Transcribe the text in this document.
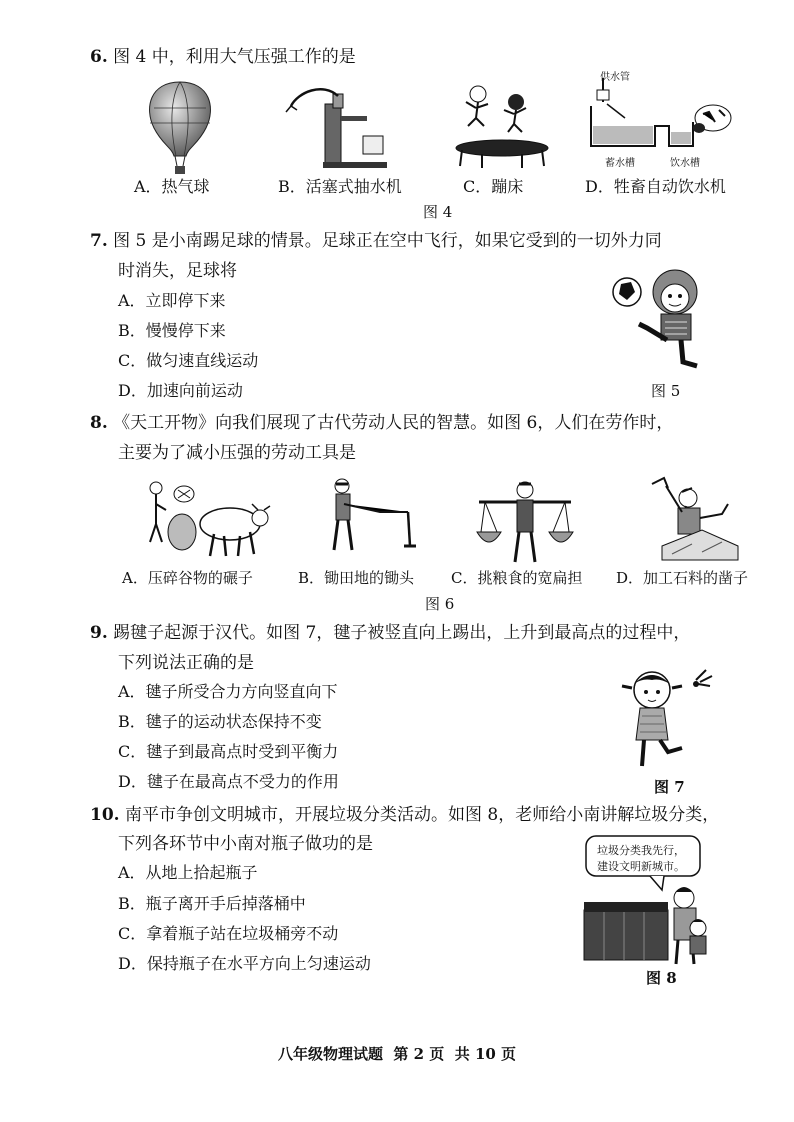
6. 图 4 中，利用大气压强工作的是
供水管
蓄水槽	饮水槽
A．热气球	B．活塞式抽水机	C．蹦床	D．牲畜自动饮水机
图 4
7. 图 5 是小南踢足球的情景。足球正在空中飞行，如果它受到的一切外力同
时消失，足球将
A．立即停下来
B．慢慢停下来
C．做匀速直线运动
D．加速向前运动	图 5
8. 《天工开物》向我们展现了古代劳动人民的智慧。如图 6，人们在劳作时，
主要为了减小压强的劳动工具是
A．压碎谷物的碾子	B．锄田地的锄头 C．挑粮食的宽扁担 D．加工石料的凿子
图 6
9. 踢毽子起源于汉代。如图 7，毽子被竖直向上踢出，上升到最高点的过程中，
下列说法正确的是
A．毽子所受合力方向竖直向下
B．毽子的运动状态保持不变
C．毽子到最高点时受到平衡力
D．毽子在最高点不受力的作用	图 7
10. 南平市争创文明城市，开展垃圾分类活动。如图 8，老师给小南讲解垃圾分类，
下列各环节中小南对瓶子做功的是
A．从地上拾起瓶子
B．瓶子离开手后掉落桶中
C．拿着瓶子站在垃圾桶旁不动
D．保持瓶子在水平方向上匀速运动
垃圾分类我先行，
建设文明新城市。
图 8
八年级物理试题  第 2 页  共 10 页
